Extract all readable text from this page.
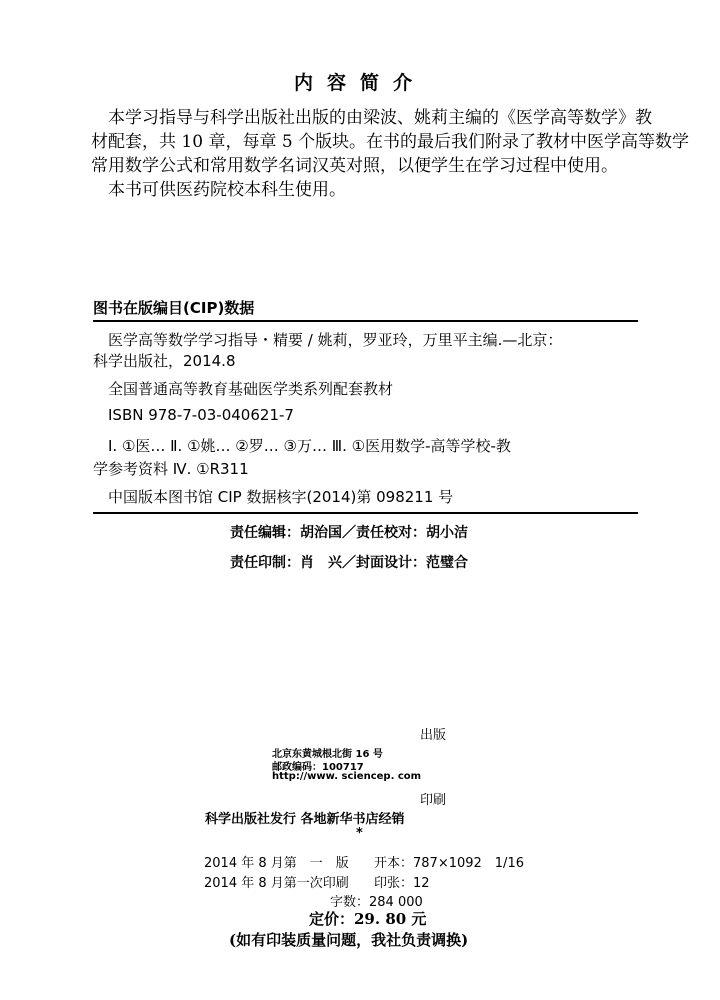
内容简介
本学习指导与科学出版社出版的由梁波、姚莉主编的《医学高等数学》教
材配套，共 10 章，每章 5 个版块。在书的最后我们附录了教材中医学高等数学
常用数学公式和常用数学名词汉英对照，以便学生在学习过程中使用。
本书可供医药院校本科生使用。
图书在版编目(CIP)数据
医学高等数学学习指导・精要 / 姚莉，罗亚玲，万里平主编.—北京：
科学出版社，2014.8
全国普通高等教育基础医学类系列配套教材
ISBN 978-7-03-040621-7
Ⅰ. ①医… Ⅱ. ①姚… ②罗… ③万… Ⅲ. ①医用数学-高等学校-教
学参考资料 Ⅳ. ①R311
中国版本图书馆 CIP 数据核字(2014)第 098211 号
责任编辑：胡治国／责任校对：胡小洁
责任印制：肖　兴／封面设计：范璧合
出版
北京东黄城根北街 16 号
邮政编码：100717
http://www. sciencep. com
印刷
科学出版社发行 各地新华书店经销
*
2014 年 8 月第　一　版 开本：787×1092　1/16
2014 年 8 月第一次印刷 印张：12
字数：284 000
定价：29. 80 元
(如有印装质量问题，我社负责调换)
